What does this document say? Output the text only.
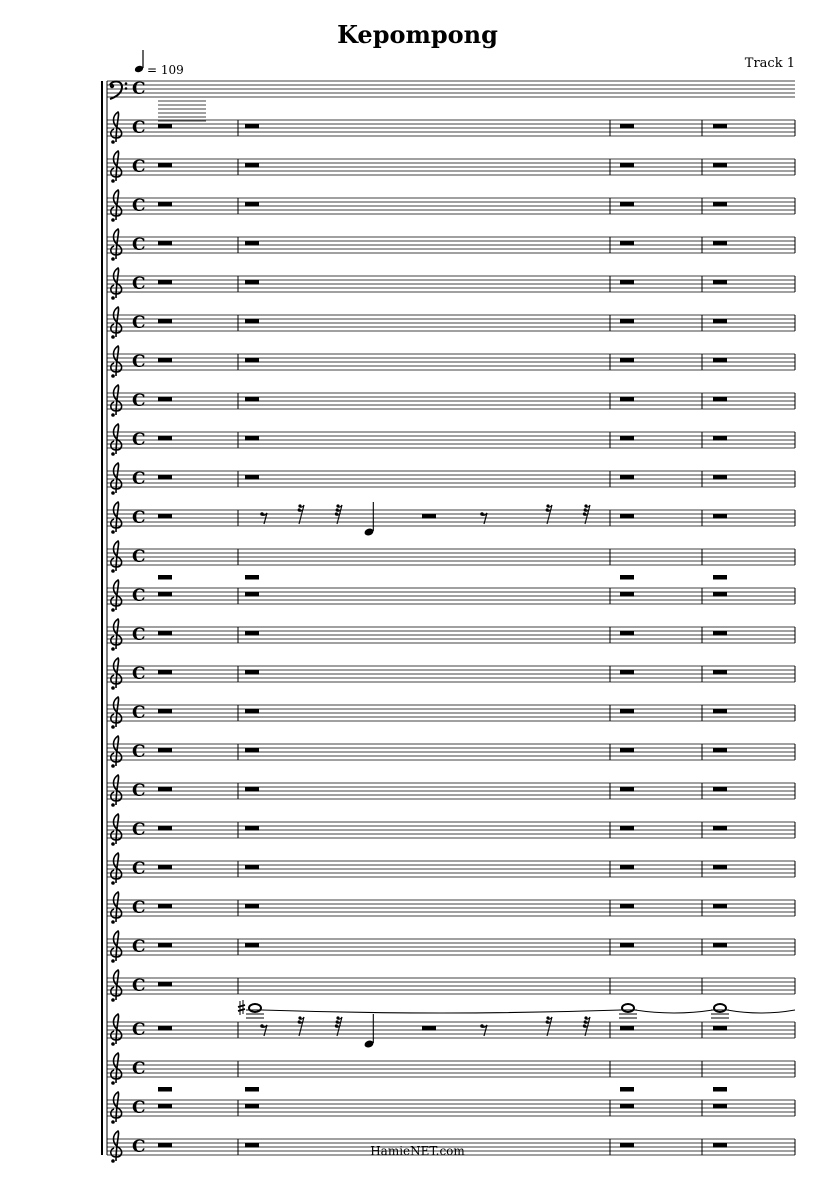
Kepompong
Track 1
= 109
C
C
C
C
C
C
C
C
C
C
C
C
C
C
C
C
C
C
C
C
C
C
C
C
C
C
C
C	HamieNET.com
